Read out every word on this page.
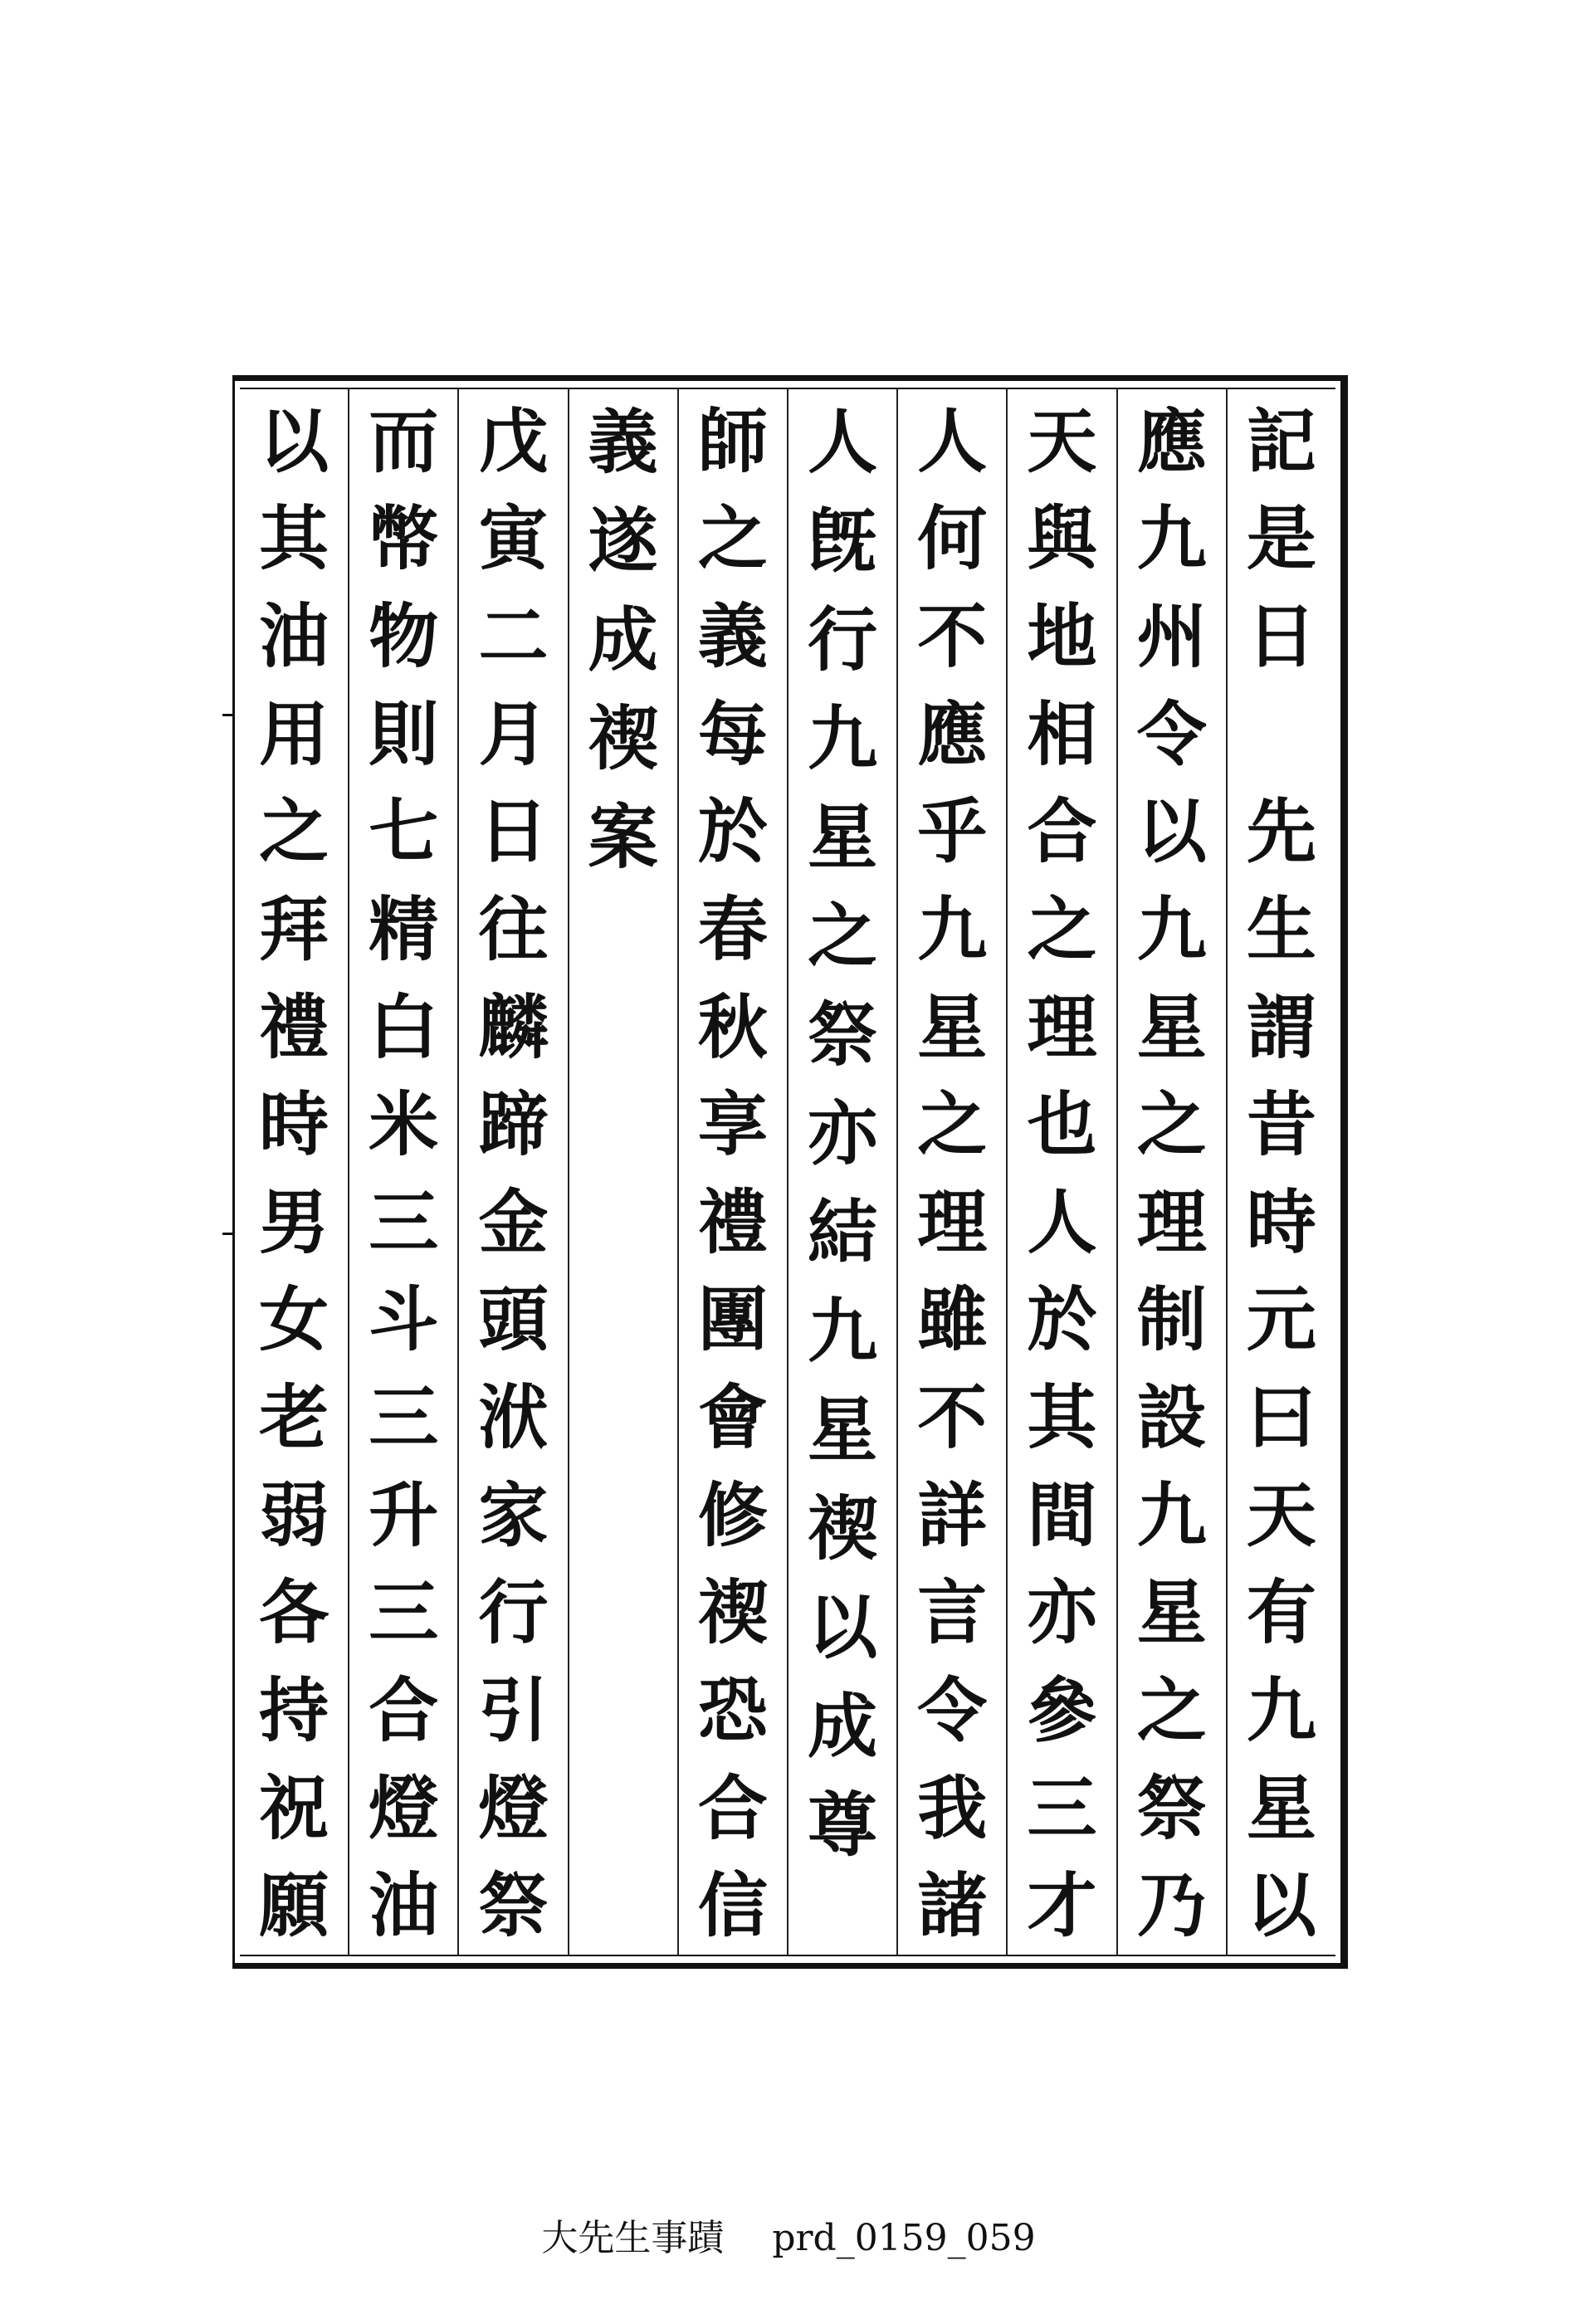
記
是
日
先
生
謂
昔
時
元
曰
天
有
九
星
以
應
九
州
令
以
九
星
之
理
制
設
九
星
之
祭
乃
天
與
地
相
合
之
理
也
人
於
其
間
亦
參
三
才
人
何
不
應
乎
九
星
之
理
雖
不
詳
言
令
我
諸
人
旣
行
九
星
之
祭
亦
結
九
星
禊
以
成
尊
師
之
義
每
於
春
秋
享
禮
團
會
修
禊
恐
合
信
義
遂
成
禊
案
戊
寅
二
月
日
往
麟
蹄
金
頭
洑
家
行
引
燈
祭
而
幣
物
則
七
精
白
米
三
斗
三
升
三
合
燈
油
以
其
油
用
之
拜
禮
時
男
女
老
弱
各
持
祝
願
大先生事蹟 prd_0159_059
